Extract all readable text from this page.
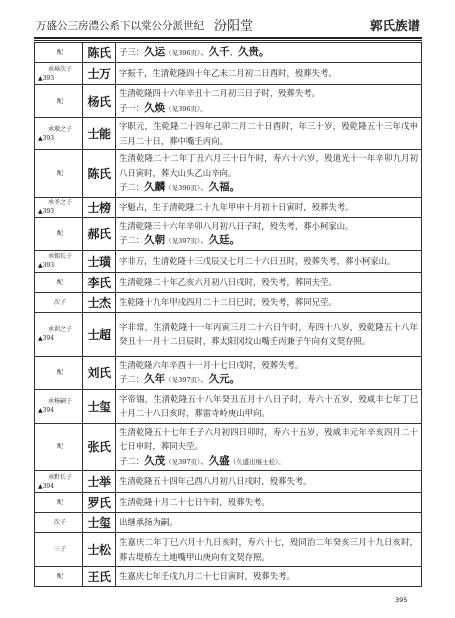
万盛公三房澧公系下以棠公分派世纪 汾阳堂	郭氏族谱
配	陈氏	子三：久运（见396页）、久千、久贵。

承璋次子
▲393	士万	字振千，生清乾隆四十年乙未二月初二日酉时，殁葬失考。

配	杨氏	生清乾隆四十六年辛丑十二月初三日子时，殁葬失考。
子一：久焕（见396页）。

承璈之子
▲393	士能	字职元，生乾隆二十四年己卯二月二十日酉时，年三十岁，殁乾隆五十三年戊申三月二十日，葬中嘴壬丙向。

配	陈氏	生清乾隆二十二年丁丑六月三十日午时，寿六十六岁，殁道光十一年辛卯九月初八日寅时，葬大山头乙山辛向。
子二：久麟（见396页）、久福。

承圣之子
▲393	士榜	字魁占，生于清乾隆二十九年甲申十月初十日寅时，殁葬失考。

配	郝氏	生清乾隆三十六年辛卯八月初八日子时，殁失考，葬小柯家山。
子二：久朝（见397页）、久廷。

承锡长子
▲393	士璜	字非万，生清乾隆十三戊辰又七月二十六日丑时，殁葬失考，葬小柯家山。

配	李氏	生清乾隆二十年乙亥六月初八日戌时，殁失考，葬同夫茔。

次子	士杰	生乾隆十九年甲戌四月二十二日巳时，殁失考，葬同兄茔。

承训之子
▲394	士超	字非常，生清乾隆十一年丙寅三月二十六日午时，寿四十八岁，殁乾隆五十八年癸丑十一月十二日辰时，葬太阳冈坟山嘴壬丙兼子午向有文契存照。

配	刘氏	生清乾隆六年辛酉十一月十七日戌时，殁葬失考。
子二：久年（见397页）、久元。

承杨嗣子
▲394	士玺	字帝锡，生清乾隆五十八年癸丑五月十八日子时，寿六十五岁，殁咸丰七年丁巳十月二十八日亥时，葬雷寺岭庚山甲向。

配	张氏	生清乾隆五十七年壬子六月初四日卯时，寿六十五岁，殁咸丰元年辛亥四月二十七日申时，葬同夫茔。
子二：久茂（见397页）、久盛（久盛出继士松）。

承黔长子
▲394	士举	生清乾隆五十四年己酉八月初八日戌时，殁葬失考。

配	罗氏	生清乾隆十月二十七日午时，殁葬失考。

次子	士玺	出继承扬为嗣。

三子	士松	生嘉庆二年丁巳六月十九日亥时，寿六十七，殁同治二年癸亥三月十九日亥时，葬古堤桥左土地嘴甲山庚向有文契存照。

配	王氏	生嘉庆七年壬戌九月二十七日寅时，殁葬失考。
395
